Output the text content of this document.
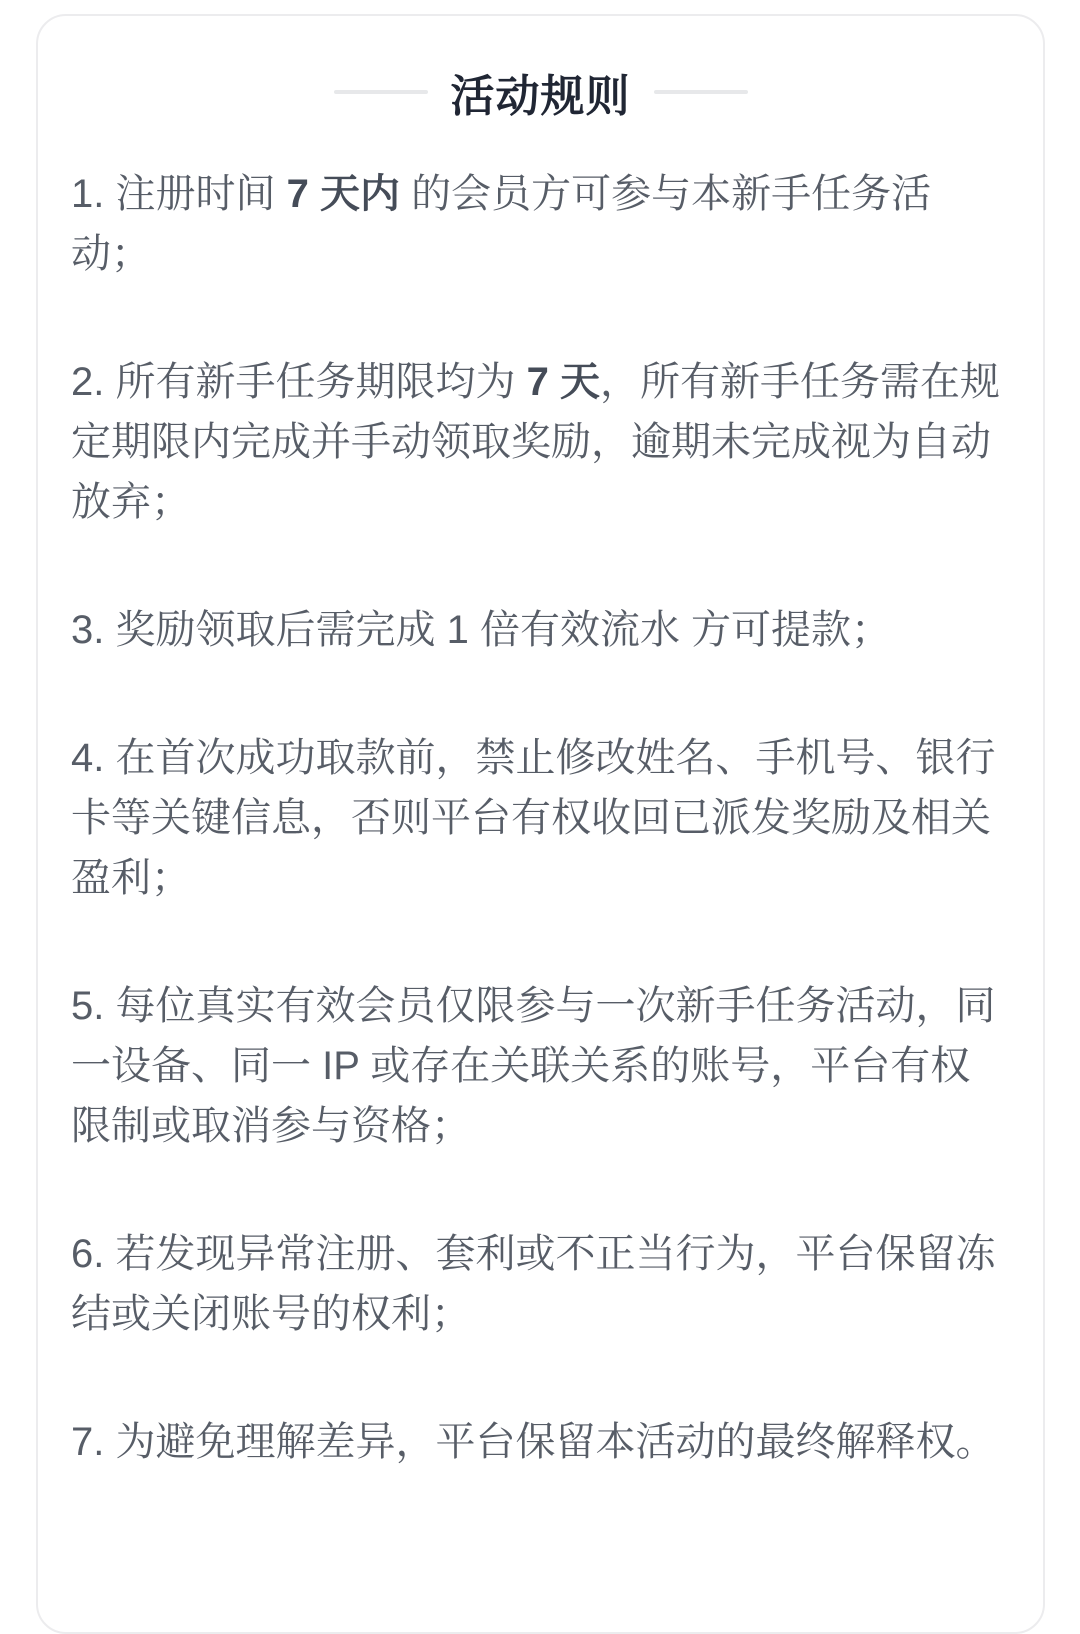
活动规则

1. 注册时间 7 天内 的会员方可参与本新手任务活动；

2. 所有新手任务期限均为 7 天，所有新手任务需在规定期限内完成并手动领取奖励，逾期未完成视为自动放弃；

3. 奖励领取后需完成 1 倍有效流水 方可提款；

4. 在首次成功取款前，禁止修改姓名、手机号、银行卡等关键信息，否则平台有权收回已派发奖励及相关盈利；

5. 每位真实有效会员仅限参与一次新手任务活动，同一设备、同一 IP 或存在关联关系的账号，平台有权限制或取消参与资格；

6. 若发现异常注册、套利或不正当行为，平台保留冻结或关闭账号的权利；

7. 为避免理解差异，平台保留本活动的最终解释权。
